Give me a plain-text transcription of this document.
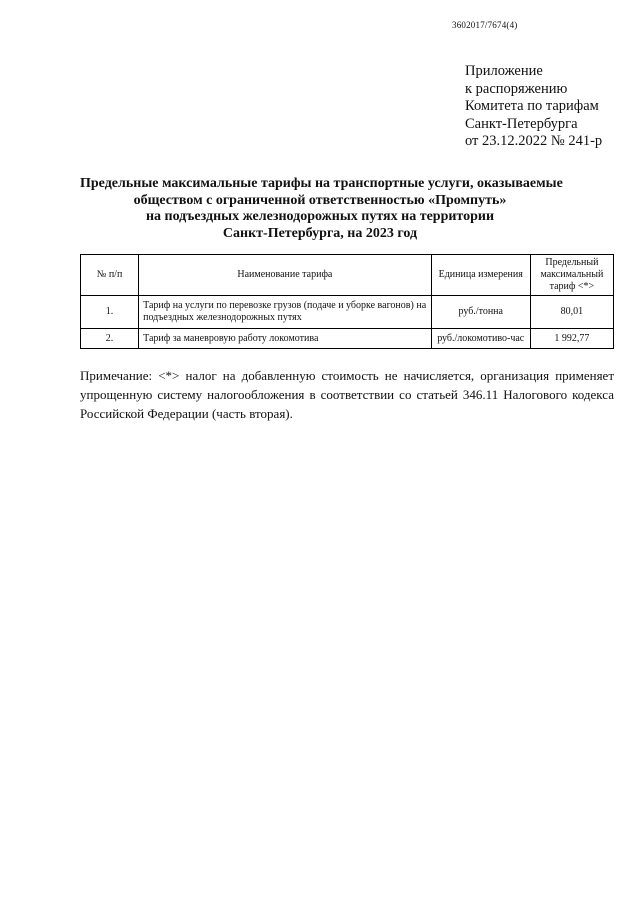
3602017/7674(4)
Приложение
к распоряжению
Комитета по тарифам
Санкт-Петербурга
от 23.12.2022 № 241-р
Предельные максимальные тарифы на транспортные услуги, оказываемые
обществом с ограниченной ответственностью «Промпуть»
на подъездных железнодорожных путях на территории
Санкт-Петербурга, на 2023 год
№ п/п	Наименование тарифа	Единица измерения	Предельный
максимальный
тариф <*>
1.	Тариф на услуги по перевозке грузов (подаче и уборке вагонов) на подъездных железнодорожных путях	руб./тонна	80,01
2.	Тариф за маневровую работу локомотива	руб./локомотиво-час	1 992,77
Примечание: <*> налог на добавленную стоимость не начисляется, организация применяет упрощенную систему налогообложения в соответствии со статьей 346.11 Налогового кодекса Российской Федерации (часть вторая).
